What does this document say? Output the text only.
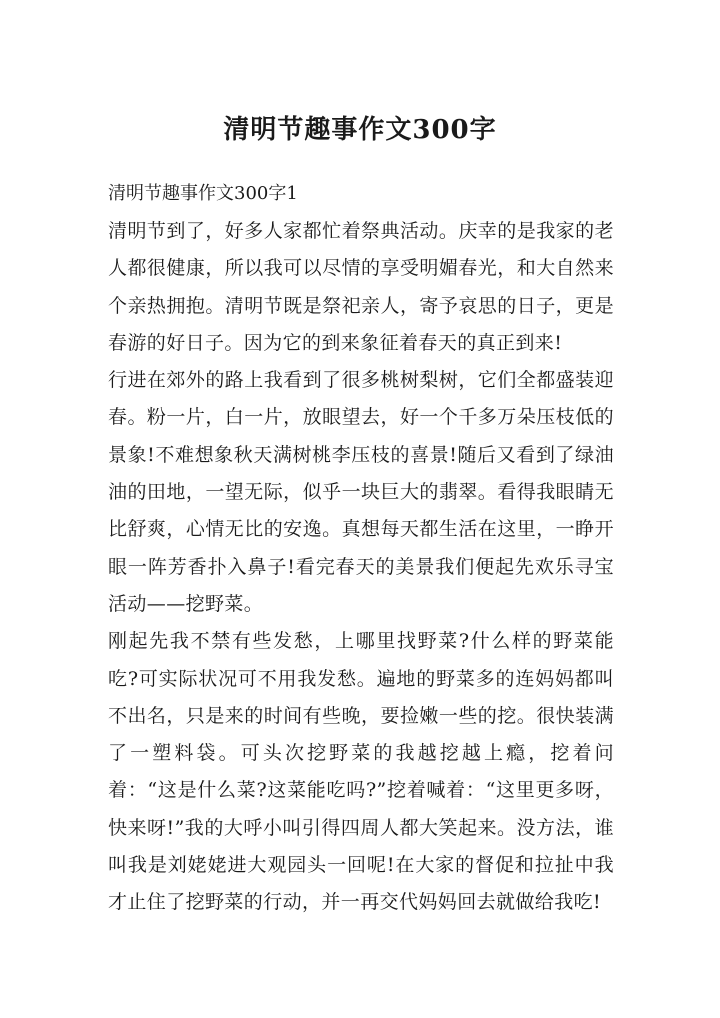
清明节趣事作文300字

清明节趣事作文300字1

清明节到了，好多人家都忙着祭典活动。庆幸的是我家的老人都很健康，所以我可以尽情的享受明媚春光，和大自然来个亲热拥抱。清明节既是祭祀亲人，寄予哀思的日子，更是春游的好日子。因为它的到来象征着春天的真正到来!

行进在郊外的路上我看到了很多桃树梨树，它们全都盛装迎春。粉一片，白一片，放眼望去，好一个千多万朵压枝低的景象!不难想象秋天满树桃李压枝的喜景!随后又看到了绿油油的田地，一望无际，似乎一块巨大的翡翠。看得我眼睛无比舒爽，心情无比的安逸。真想每天都生活在这里，一睁开眼一阵芳香扑入鼻子!看完春天的美景我们便起先欢乐寻宝活动——挖野菜。

刚起先我不禁有些发愁，上哪里找野菜?什么样的野菜能吃?可实际状况可不用我发愁。遍地的野菜多的连妈妈都叫不出名，只是来的时间有些晚，要捡嫩一些的挖。很快装满了一塑料袋。可头次挖野菜的我越挖越上瘾，挖着问着：“这是什么菜?这菜能吃吗?”挖着喊着：“这里更多呀，快来呀!”我的大呼小叫引得四周人都大笑起来。没方法，谁叫我是刘姥姥进大观园头一回呢!在大家的督促和拉扯中我才止住了挖野菜的行动，并一再交代妈妈回去就做给我吃!
